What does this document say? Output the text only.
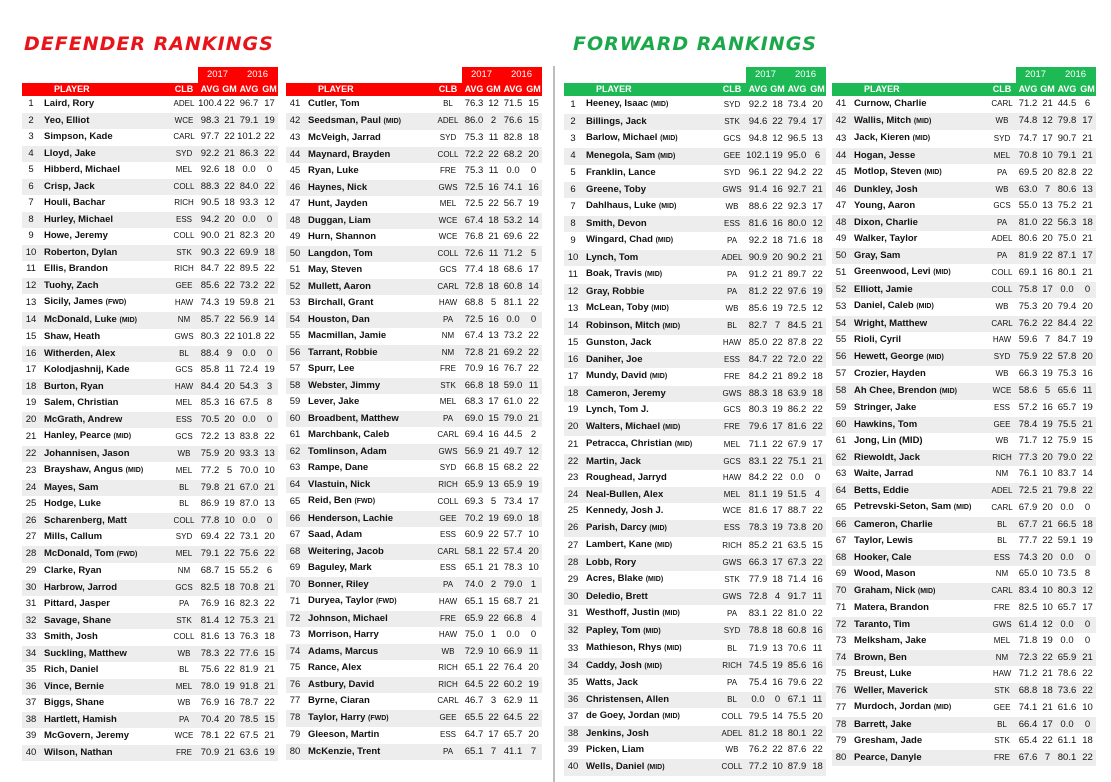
DEFENDER RANKINGS	FORWARD RANKINGS
			2017		2016	
	PLAYER	CLB	AVG	GM	AVG	GM
1	Laird, Rory	ADEL	100.4	22	96.7	17
2	Yeo, Elliot	WCE	98.3	21	79.1	19
3	Simpson, Kade	CARL	97.7	22	101.2	22
4	Lloyd, Jake	SYD	92.2	21	86.3	22
5	Hibberd, Michael	MEL	92.6	18	0.0	0
6	Crisp, Jack	COLL	88.3	22	84.0	22
7	Houli, Bachar	RICH	90.5	18	93.3	12
8	Hurley, Michael	ESS	94.2	20	0.0	0
9	Howe, Jeremy	COLL	90.0	21	82.3	20
10	Roberton, Dylan	STK	90.3	22	69.9	18
11	Ellis, Brandon	RICH	84.7	22	89.5	22
12	Tuohy, Zach	GEE	85.6	22	73.2	22
13	Sicily, James (FWD)	HAW	74.3	19	59.8	21
14	McDonald, Luke (MID)	NM	85.7	22	56.9	14
15	Shaw, Heath	GWS	80.3	22	101.8	22
16	Witherden, Alex	BL	88.4	9	0.0	0
17	Kolodjashnij, Kade	GCS	85.8	11	72.4	19
18	Burton, Ryan	HAW	84.4	20	54.3	3
19	Salem, Christian	MEL	85.3	16	67.5	8
20	McGrath, Andrew	ESS	70.5	20	0.0	0
21	Hanley, Pearce (MID)	GCS	72.2	13	83.8	22
22	Johannisen, Jason	WB	75.9	20	93.3	13
23	Brayshaw, Angus (MID)	MEL	77.2	5	70.0	10
24	Mayes, Sam	BL	79.8	21	67.0	21
25	Hodge, Luke	BL	86.9	19	87.0	13
26	Scharenberg, Matt	COLL	77.8	10	0.0	0
27	Mills, Callum	SYD	69.4	22	73.1	20
28	McDonald, Tom (FWD)	MEL	79.1	22	75.6	22
29	Clarke, Ryan	NM	68.7	15	55.2	6
30	Harbrow, Jarrod	GCS	82.5	18	70.8	21
31	Pittard, Jasper	PA	76.9	16	82.3	22
32	Savage, Shane	STK	81.4	12	75.3	21
33	Smith, Josh	COLL	81.6	13	76.3	18
34	Suckling, Matthew	WB	78.3	22	77.6	15
35	Rich, Daniel	BL	75.6	22	81.9	21
36	Vince, Bernie	MEL	78.0	19	91.8	21
37	Biggs, Shane	WB	76.9	16	78.7	22
38	Hartlett, Hamish	PA	70.4	20	78.5	15
39	McGovern, Jeremy	WCE	78.1	22	67.5	21
40	Wilson, Nathan	FRE	70.9	21	63.6	19
			2017		2016	
	PLAYER	CLB	AVG	GM	AVG	GM
41	Cutler, Tom	BL	76.3	12	71.5	15
42	Seedsman, Paul (MID)	ADEL	86.0	2	76.6	15
43	McVeigh, Jarrad	SYD	75.3	11	82.8	18
44	Maynard, Brayden	COLL	72.2	22	68.2	20
45	Ryan, Luke	FRE	75.3	11	0.0	0
46	Haynes, Nick	GWS	72.5	16	74.1	16
47	Hunt, Jayden	MEL	72.5	22	56.7	19
48	Duggan, Liam	WCE	67.4	18	53.2	14
49	Hurn, Shannon	WCE	76.8	21	69.6	22
50	Langdon, Tom	COLL	72.6	11	71.2	5
51	May, Steven	GCS	77.4	18	68.6	17
52	Mullett, Aaron	CARL	72.8	18	60.8	14
53	Birchall, Grant	HAW	68.8	5	81.1	22
54	Houston, Dan	PA	72.5	16	0.0	0
55	Macmillan, Jamie	NM	67.4	13	73.2	22
56	Tarrant, Robbie	NM	72.8	21	69.2	22
57	Spurr, Lee	FRE	70.9	16	76.7	22
58	Webster, Jimmy	STK	66.8	18	59.0	11
59	Lever, Jake	MEL	68.3	17	61.0	22
60	Broadbent, Matthew	PA	69.0	15	79.0	21
61	Marchbank, Caleb	CARL	69.4	16	44.5	2
62	Tomlinson, Adam	GWS	56.9	21	49.7	12
63	Rampe, Dane	SYD	66.8	15	68.2	22
64	Vlastuin, Nick	RICH	65.9	13	65.9	19
65	Reid, Ben (FWD)	COLL	69.3	5	73.4	17
66	Henderson, Lachie	GEE	70.2	19	69.0	18
67	Saad, Adam	ESS	60.9	22	57.7	10
68	Weitering, Jacob	CARL	58.1	22	57.4	20
69	Baguley, Mark	ESS	65.1	21	78.3	10
70	Bonner, Riley	PA	74.0	2	79.0	1
71	Duryea, Taylor (FWD)	HAW	65.1	15	68.7	21
72	Johnson, Michael	FRE	65.9	22	66.8	4
73	Morrison, Harry	HAW	75.0	1	0.0	0
74	Adams, Marcus	WB	72.9	10	66.9	11
75	Rance, Alex	RICH	65.1	22	76.4	20
76	Astbury, David	RICH	64.5	22	60.2	19
77	Byrne, Ciaran	CARL	46.7	3	62.9	11
78	Taylor, Harry (FWD)	GEE	65.5	22	64.5	22
79	Gleeson, Martin	ESS	64.7	17	65.7	20
80	McKenzie, Trent	PA	65.1	7	41.1	7
			2017		2016	
	PLAYER	CLB	AVG	GM	AVG	GM
1	Heeney, Isaac (MID)	SYD	92.2	18	73.4	20
2	Billings, Jack	STK	94.6	22	79.4	17
3	Barlow, Michael (MID)	GCS	94.8	12	96.5	13
4	Menegola, Sam (MID)	GEE	102.1	19	95.0	6
5	Franklin, Lance	SYD	96.1	22	94.2	22
6	Greene, Toby	GWS	91.4	16	92.7	21
7	Dahlhaus, Luke (MID)	WB	88.6	22	92.3	17
8	Smith, Devon	ESS	81.6	16	80.0	12
9	Wingard, Chad (MID)	PA	92.2	18	71.6	18
10	Lynch, Tom	ADEL	90.9	20	90.2	21
11	Boak, Travis (MID)	PA	91.2	21	89.7	22
12	Gray, Robbie	PA	81.2	22	97.6	19
13	McLean, Toby (MID)	WB	85.6	19	72.5	12
14	Robinson, Mitch (MID)	BL	82.7	7	84.5	21
15	Gunston, Jack	HAW	85.0	22	87.8	22
16	Daniher, Joe	ESS	84.7	22	72.0	22
17	Mundy, David (MID)	FRE	84.2	21	89.2	18
18	Cameron, Jeremy	GWS	88.3	18	63.9	18
19	Lynch, Tom J.	GCS	80.3	19	86.2	22
20	Walters, Michael (MID)	FRE	79.6	17	81.6	22
21	Petracca, Christian (MID)	MEL	71.1	22	67.9	17
22	Martin, Jack	GCS	83.1	22	75.1	21
23	Roughead, Jarryd	HAW	84.2	22	0.0	0
24	Neal-Bullen, Alex	MEL	81.1	19	51.5	4
25	Kennedy, Josh J.	WCE	81.6	17	88.7	22
26	Parish, Darcy (MID)	ESS	78.3	19	73.8	20
27	Lambert, Kane (MID)	RICH	85.2	21	63.5	15
28	Lobb, Rory	GWS	66.3	17	67.3	22
29	Acres, Blake (MID)	STK	77.9	18	71.4	16
30	Deledio, Brett	GWS	72.8	4	91.7	11
31	Westhoff, Justin (MID)	PA	83.1	22	81.0	22
32	Papley, Tom (MID)	SYD	78.8	18	60.8	16
33	Mathieson, Rhys (MID)	BL	71.9	13	70.6	11
34	Caddy, Josh (MID)	RICH	74.5	19	85.6	16
35	Watts, Jack	PA	75.4	16	79.6	22
36	Christensen, Allen	BL	0.0	0	67.1	11
37	de Goey, Jordan (MID)	COLL	79.5	14	75.5	20
38	Jenkins, Josh	ADEL	81.2	18	80.1	22
39	Picken, Liam	WB	76.2	22	87.6	22
40	Wells, Daniel (MID)	COLL	77.2	10	87.9	18
			2017		2016	
	PLAYER	CLB	AVG	GM	AVG	GM
41	Curnow, Charlie	CARL	71.2	21	44.5	6
42	Wallis, Mitch (MID)	WB	74.8	12	79.8	17
43	Jack, Kieren (MID)	SYD	74.7	17	90.7	21
44	Hogan, Jesse	MEL	70.8	10	79.1	21
45	Motlop, Steven (MID)	PA	69.5	20	82.8	22
46	Dunkley, Josh	WB	63.0	7	80.6	13
47	Young, Aaron	GCS	55.0	13	75.2	21
48	Dixon, Charlie	PA	81.0	22	56.3	18
49	Walker, Taylor	ADEL	80.6	20	75.0	21
50	Gray, Sam	PA	81.9	22	87.1	17
51	Greenwood, Levi (MID)	COLL	69.1	16	80.1	21
52	Elliott, Jamie	COLL	75.8	17	0.0	0
53	Daniel, Caleb (MID)	WB	75.3	20	79.4	20
54	Wright, Matthew	CARL	76.2	22	84.4	22
55	Rioli, Cyril	HAW	59.6	7	84.7	19
56	Hewett, George (MID)	SYD	75.9	22	57.8	20
57	Crozier, Hayden	WB	66.3	19	75.3	16
58	Ah Chee, Brendon (MID)	WCE	58.6	5	65.6	11
59	Stringer, Jake	ESS	57.2	16	65.7	19
60	Hawkins, Tom	GEE	78.4	19	75.5	21
61	Jong, Lin (MID)	WB	71.7	12	75.9	15
62	Riewoldt, Jack	RICH	77.3	20	79.0	22
63	Waite, Jarrad	NM	76.1	10	83.7	14
64	Betts, Eddie	ADEL	72.5	21	79.8	22
65	Petrevski-Seton, Sam (MID)	CARL	67.9	20	0.0	0
66	Cameron, Charlie	BL	67.7	21	66.5	18
67	Taylor, Lewis	BL	77.7	22	59.1	19
68	Hooker, Cale	ESS	74.3	20	0.0	0
69	Wood, Mason	NM	65.0	10	73.5	8
70	Graham, Nick (MID)	CARL	83.4	10	80.3	12
71	Matera, Brandon	FRE	82.5	10	65.7	17
72	Taranto, Tim	GWS	61.4	12	0.0	0
73	Melksham, Jake	MEL	71.8	19	0.0	0
74	Brown, Ben	NM	72.3	22	65.9	21
75	Breust, Luke	HAW	71.2	21	78.6	22
76	Weller, Maverick	STK	68.8	18	73.6	22
77	Murdoch, Jordan (MID)	GEE	74.1	21	61.6	10
78	Barrett, Jake	BL	66.4	17	0.0	0
79	Gresham, Jade	STK	65.4	22	61.1	18
80	Pearce, Danyle	FRE	67.6	7	80.1	22
